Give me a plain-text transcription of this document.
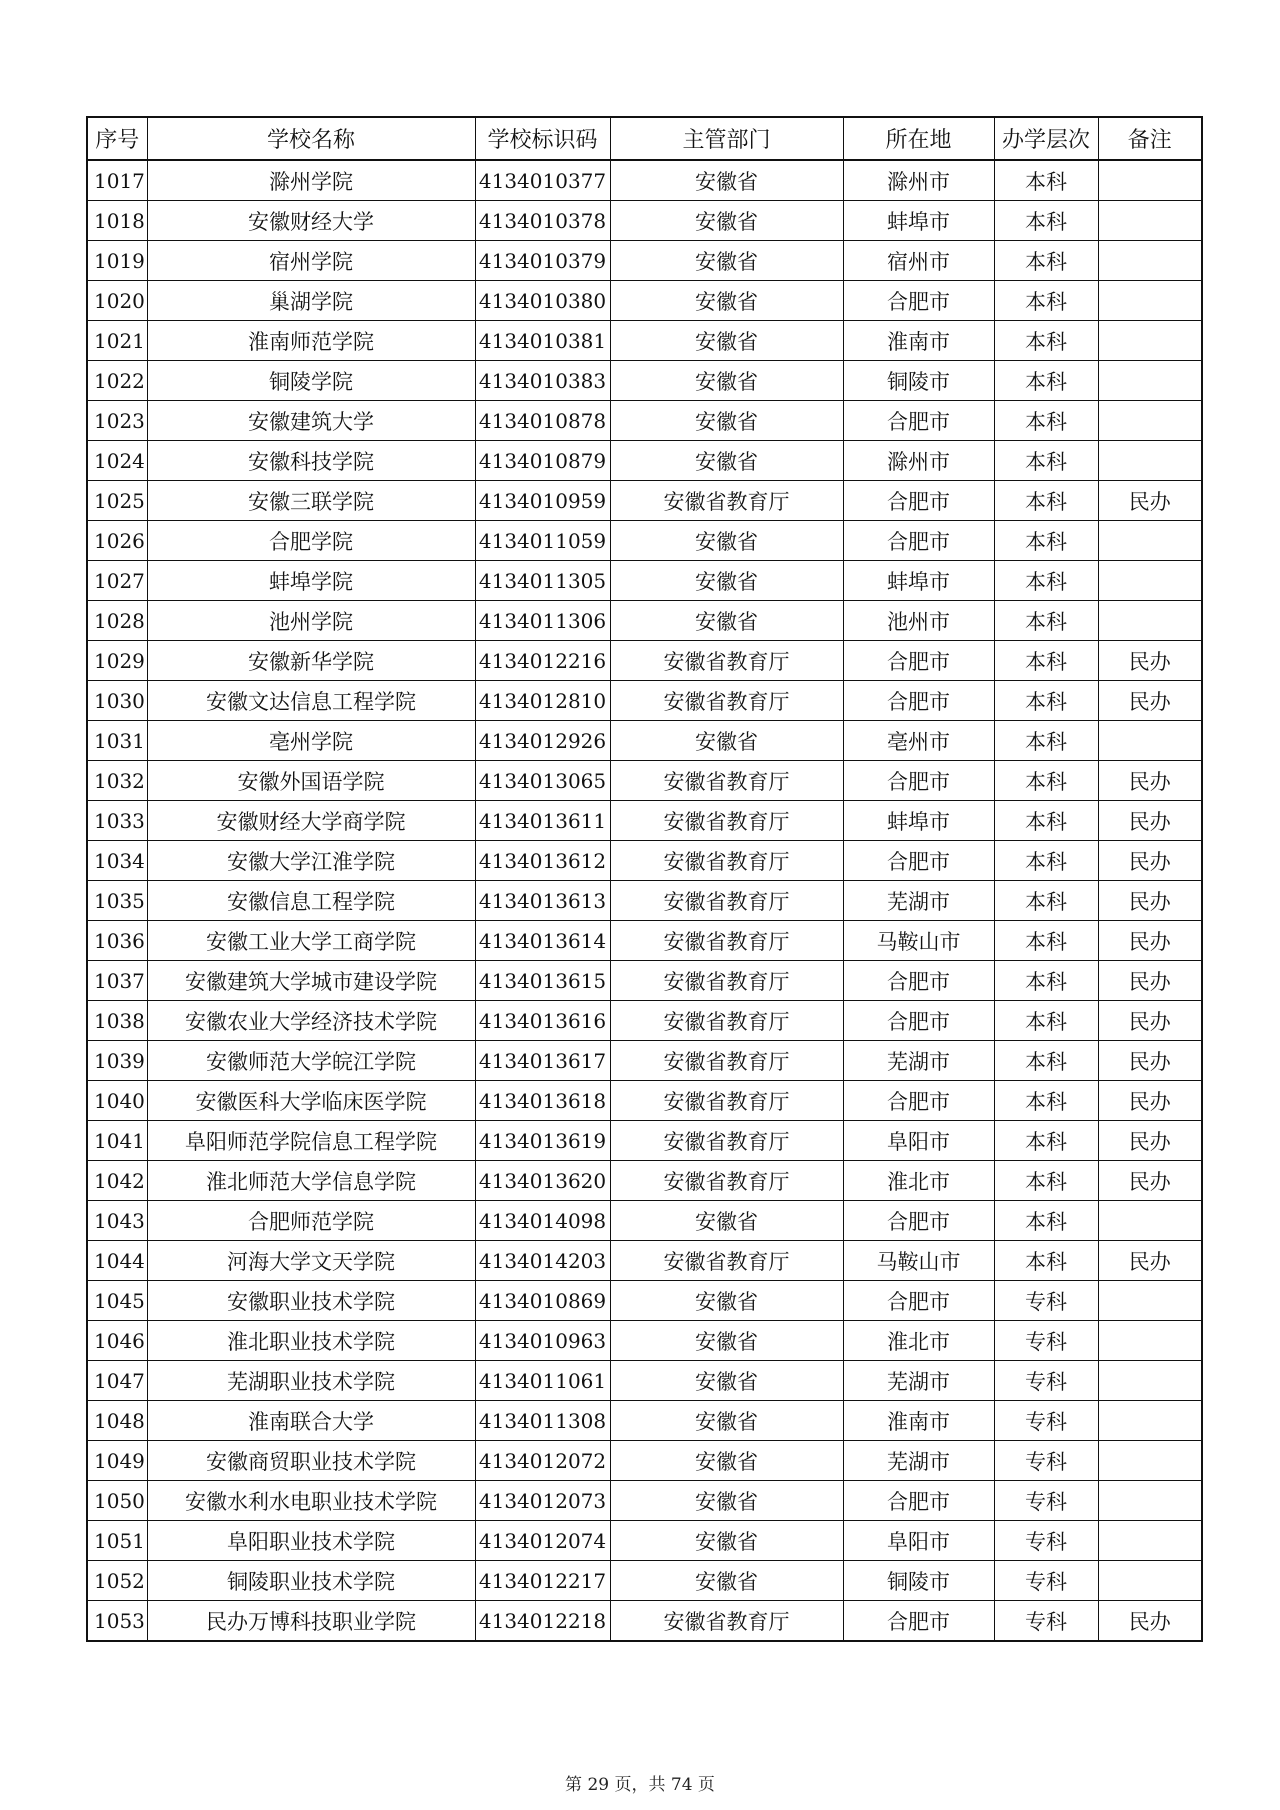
序号	学校名称	学校标识码	主管部门	所在地	办学层次	备注
1017	滁州学院	4134010377	安徽省	滁州市	本科	
1018	安徽财经大学	4134010378	安徽省	蚌埠市	本科	
1019	宿州学院	4134010379	安徽省	宿州市	本科	
1020	巢湖学院	4134010380	安徽省	合肥市	本科	
1021	淮南师范学院	4134010381	安徽省	淮南市	本科	
1022	铜陵学院	4134010383	安徽省	铜陵市	本科	
1023	安徽建筑大学	4134010878	安徽省	合肥市	本科	
1024	安徽科技学院	4134010879	安徽省	滁州市	本科	
1025	安徽三联学院	4134010959	安徽省教育厅	合肥市	本科	民办
1026	合肥学院	4134011059	安徽省	合肥市	本科	
1027	蚌埠学院	4134011305	安徽省	蚌埠市	本科	
1028	池州学院	4134011306	安徽省	池州市	本科	
1029	安徽新华学院	4134012216	安徽省教育厅	合肥市	本科	民办
1030	安徽文达信息工程学院	4134012810	安徽省教育厅	合肥市	本科	民办
1031	亳州学院	4134012926	安徽省	亳州市	本科	
1032	安徽外国语学院	4134013065	安徽省教育厅	合肥市	本科	民办
1033	安徽财经大学商学院	4134013611	安徽省教育厅	蚌埠市	本科	民办
1034	安徽大学江淮学院	4134013612	安徽省教育厅	合肥市	本科	民办
1035	安徽信息工程学院	4134013613	安徽省教育厅	芜湖市	本科	民办
1036	安徽工业大学工商学院	4134013614	安徽省教育厅	马鞍山市	本科	民办
1037	安徽建筑大学城市建设学院	4134013615	安徽省教育厅	合肥市	本科	民办
1038	安徽农业大学经济技术学院	4134013616	安徽省教育厅	合肥市	本科	民办
1039	安徽师范大学皖江学院	4134013617	安徽省教育厅	芜湖市	本科	民办
1040	安徽医科大学临床医学院	4134013618	安徽省教育厅	合肥市	本科	民办
1041	阜阳师范学院信息工程学院	4134013619	安徽省教育厅	阜阳市	本科	民办
1042	淮北师范大学信息学院	4134013620	安徽省教育厅	淮北市	本科	民办
1043	合肥师范学院	4134014098	安徽省	合肥市	本科	
1044	河海大学文天学院	4134014203	安徽省教育厅	马鞍山市	本科	民办
1045	安徽职业技术学院	4134010869	安徽省	合肥市	专科	
1046	淮北职业技术学院	4134010963	安徽省	淮北市	专科	
1047	芜湖职业技术学院	4134011061	安徽省	芜湖市	专科	
1048	淮南联合大学	4134011308	安徽省	淮南市	专科	
1049	安徽商贸职业技术学院	4134012072	安徽省	芜湖市	专科	
1050	安徽水利水电职业技术学院	4134012073	安徽省	合肥市	专科	
1051	阜阳职业技术学院	4134012074	安徽省	阜阳市	专科	
1052	铜陵职业技术学院	4134012217	安徽省	铜陵市	专科	
1053	民办万博科技职业学院	4134012218	安徽省教育厅	合肥市	专科	民办
第 29 页，共 74 页
